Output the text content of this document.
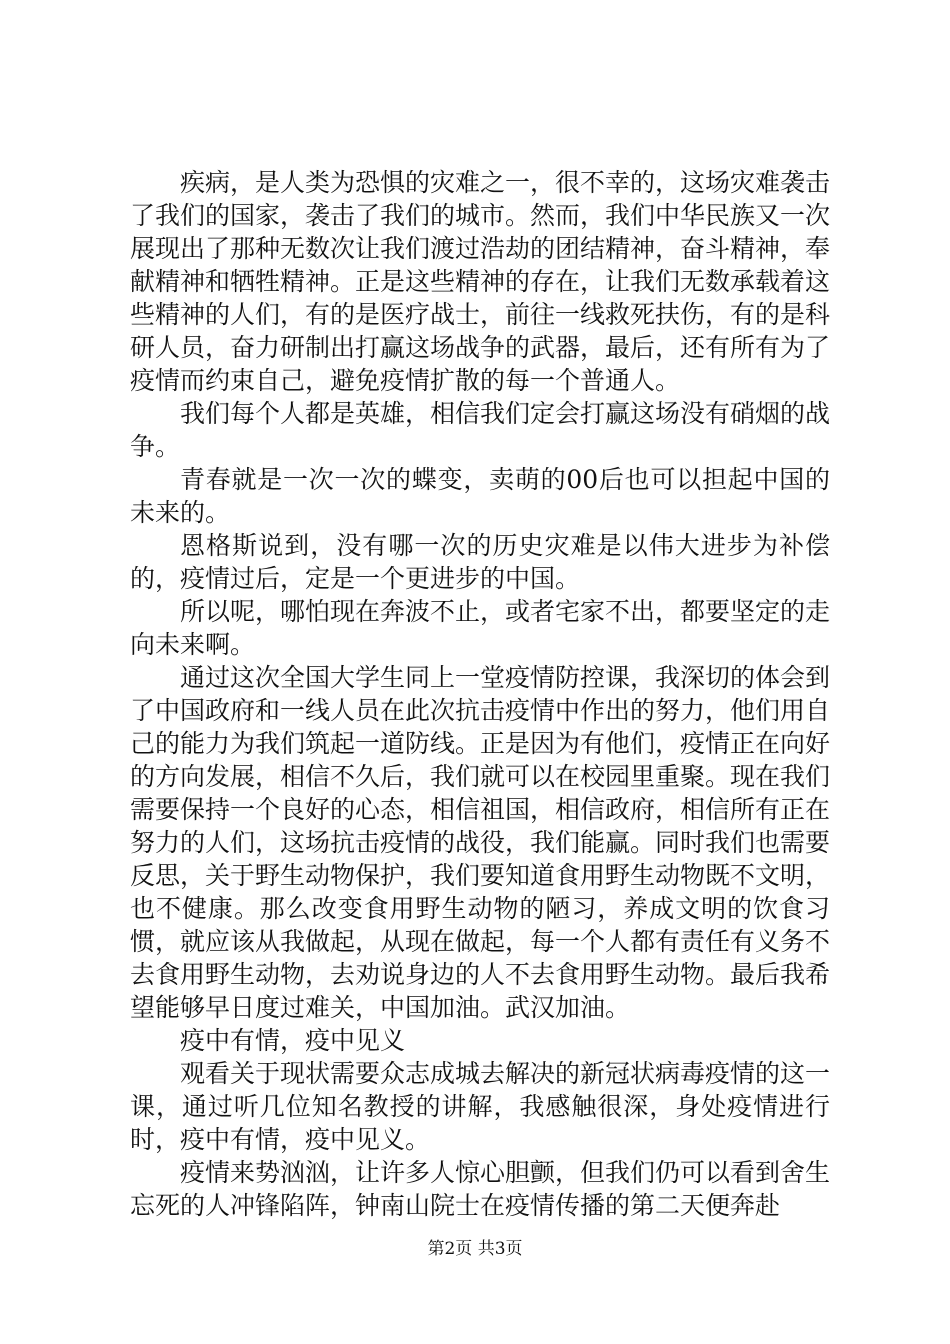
疾病，是人类为恐惧的灾难之一，很不幸的，这场灾难袭击了我们的国家，袭击了我们的城市。然而，我们中华民族又一次展现出了那种无数次让我们渡过浩劫的团结精神，奋斗精神，奉献精神和牺牲精神。正是这些精神的存在，让我们无数承载着这些精神的人们，有的是医疗战士，前往一线救死扶伤，有的是科研人员，奋力研制出打赢这场战争的武器，最后，还有所有为了疫情而约束自己，避免疫情扩散的每一个普通人。

我们每个人都是英雄，相信我们定会打赢这场没有硝烟的战争。

青春就是一次一次的蝶变，卖萌的00后也可以担起中国的未来的。

恩格斯说到，没有哪一次的历史灾难是以伟大进步为补偿的，疫情过后，定是一个更进步的中国。

所以呢，哪怕现在奔波不止，或者宅家不出，都要坚定的走向未来啊。

通过这次全国大学生同上一堂疫情防控课，我深切的体会到了中国政府和一线人员在此次抗击疫情中作出的努力，他们用自己的能力为我们筑起一道防线。正是因为有他们，疫情正在向好的方向发展，相信不久后，我们就可以在校园里重聚。现在我们需要保持一个良好的心态，相信祖国，相信政府，相信所有正在努力的人们，这场抗击疫情的战役，我们能赢。同时我们也需要反思，关于野生动物保护，我们要知道食用野生动物既不文明，也不健康。那么改变食用野生动物的陋习，养成文明的饮食习惯，就应该从我做起，从现在做起，每一个人都有责任有义务不去食用野生动物，去劝说身边的人不去食用野生动物。最后我希望能够早日度过难关，中国加油。武汉加油。

疫中有情，疫中见义

观看关于现状需要众志成城去解决的新冠状病毒疫情的这一课，通过听几位知名教授的讲解，我感触很深，身处疫情进行时，疫中有情，疫中见义。

疫情来势汹汹，让许多人惊心胆颤，但我们仍可以看到舍生忘死的人冲锋陷阵，钟南山院士在疫情传播的第二天便奔赴

第2页 共3页
